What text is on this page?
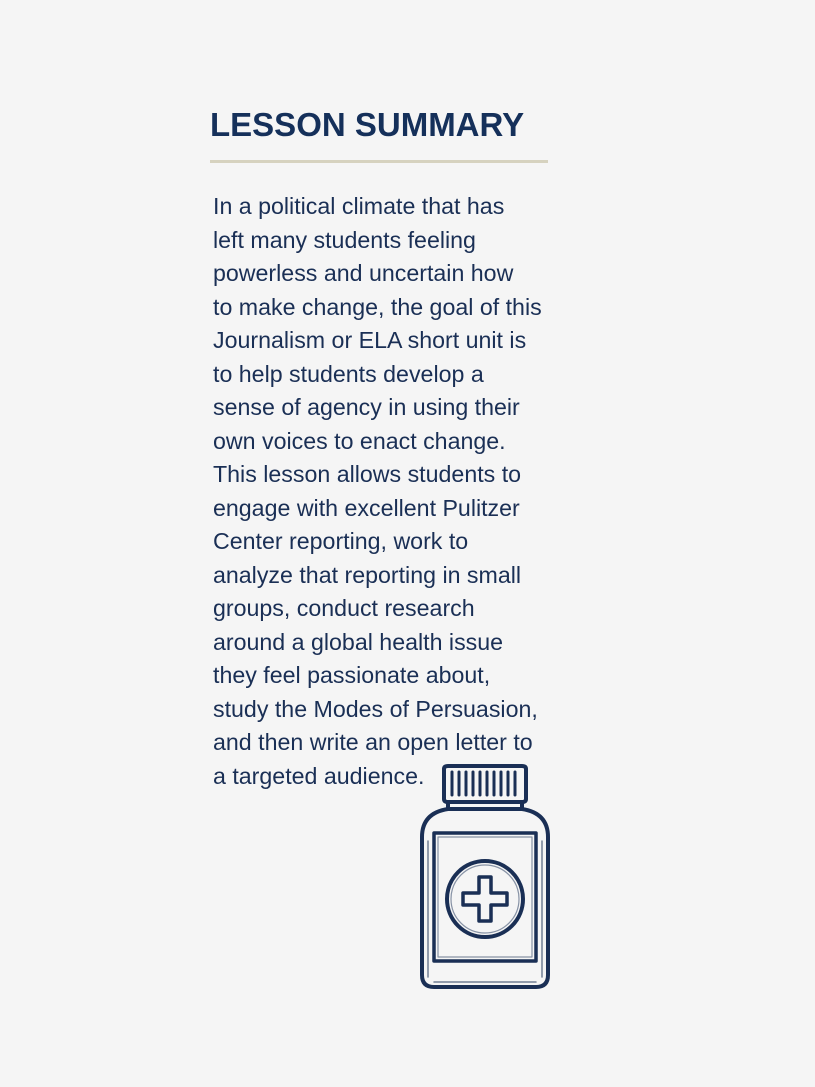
LESSON SUMMARY

In a political climate that has
left many students feeling
powerless and uncertain how
to make change, the goal of this
Journalism or ELA short unit is
to help students develop a
sense of agency in using their
own voices to enact change.
This lesson allows students to
engage with excellent Pulitzer
Center reporting, work to
analyze that reporting in small
groups, conduct research
around a global health issue
they feel passionate about,
study the Modes of Persuasion,
and then write an open letter to
a targeted audience.
